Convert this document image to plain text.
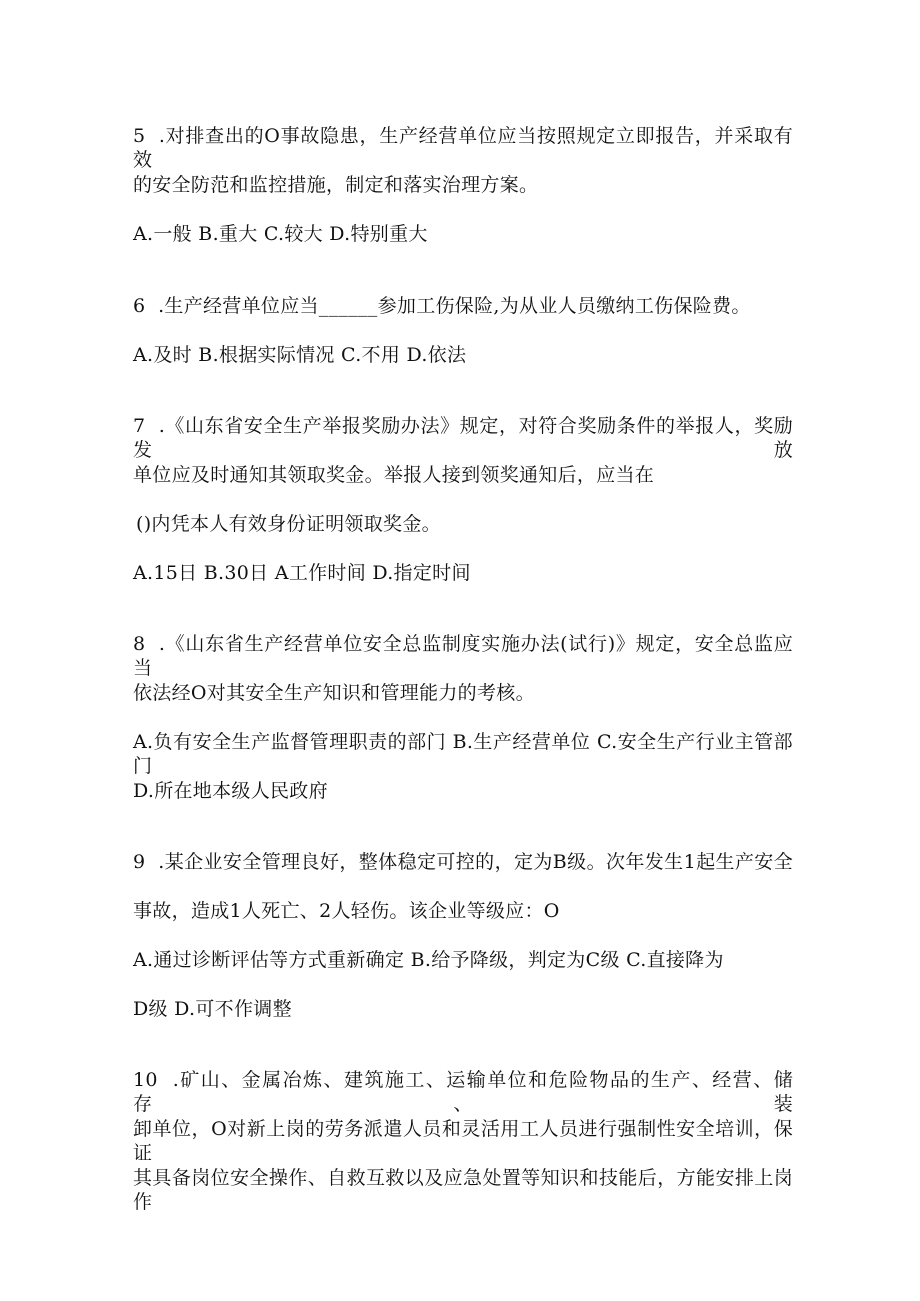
5  .对排查出的O事故隐患，生产经营单位应当按照规定立即报告，并采取有效
的安全防范和监控措施，制定和落实治理方案。
A.一般 B.重大 C.较大 D.特别重大
6  .生产经营单位应当______参加工伤保险,为从业人员缴纳工伤保险费。
A.及时 B.根据实际情况 C.不用 D.依法
7  .《山东省安全生产举报奖励办法》规定，对符合奖励条件的举报人，奖励发放
单位应及时通知其领取奖金。举报人接到领奖通知后，应当在
()内凭本人有效身份证明领取奖金。
A.15日 B.30日 A工作时间 D.指定时间
8  .《山东省生产经营单位安全总监制度实施办法(试行)》规定，安全总监应当
依法经O对其安全生产知识和管理能力的考核。
A.负有安全生产监督管理职责的部门 B.生产经营单位 C.安全生产行业主管部门
D.所在地本级人民政府
9  .某企业安全管理良好，整体稳定可控的，定为B级。次年发生1起生产安全
事故，造成1人死亡、2人轻伤。该企业等级应：O
A.通过诊断评估等方式重新确定 B.给予降级，判定为C级 C.直接降为
D级 D.可不作调整
10  .矿山、金属冶炼、建筑施工、运输单位和危险物品的生产、经营、储存、装
卸单位，O对新上岗的劳务派遣人员和灵活用工人员进行强制性安全培训，保证
其具备岗位安全操作、自救互救以及应急处置等知识和技能后，方能安排上岗作
